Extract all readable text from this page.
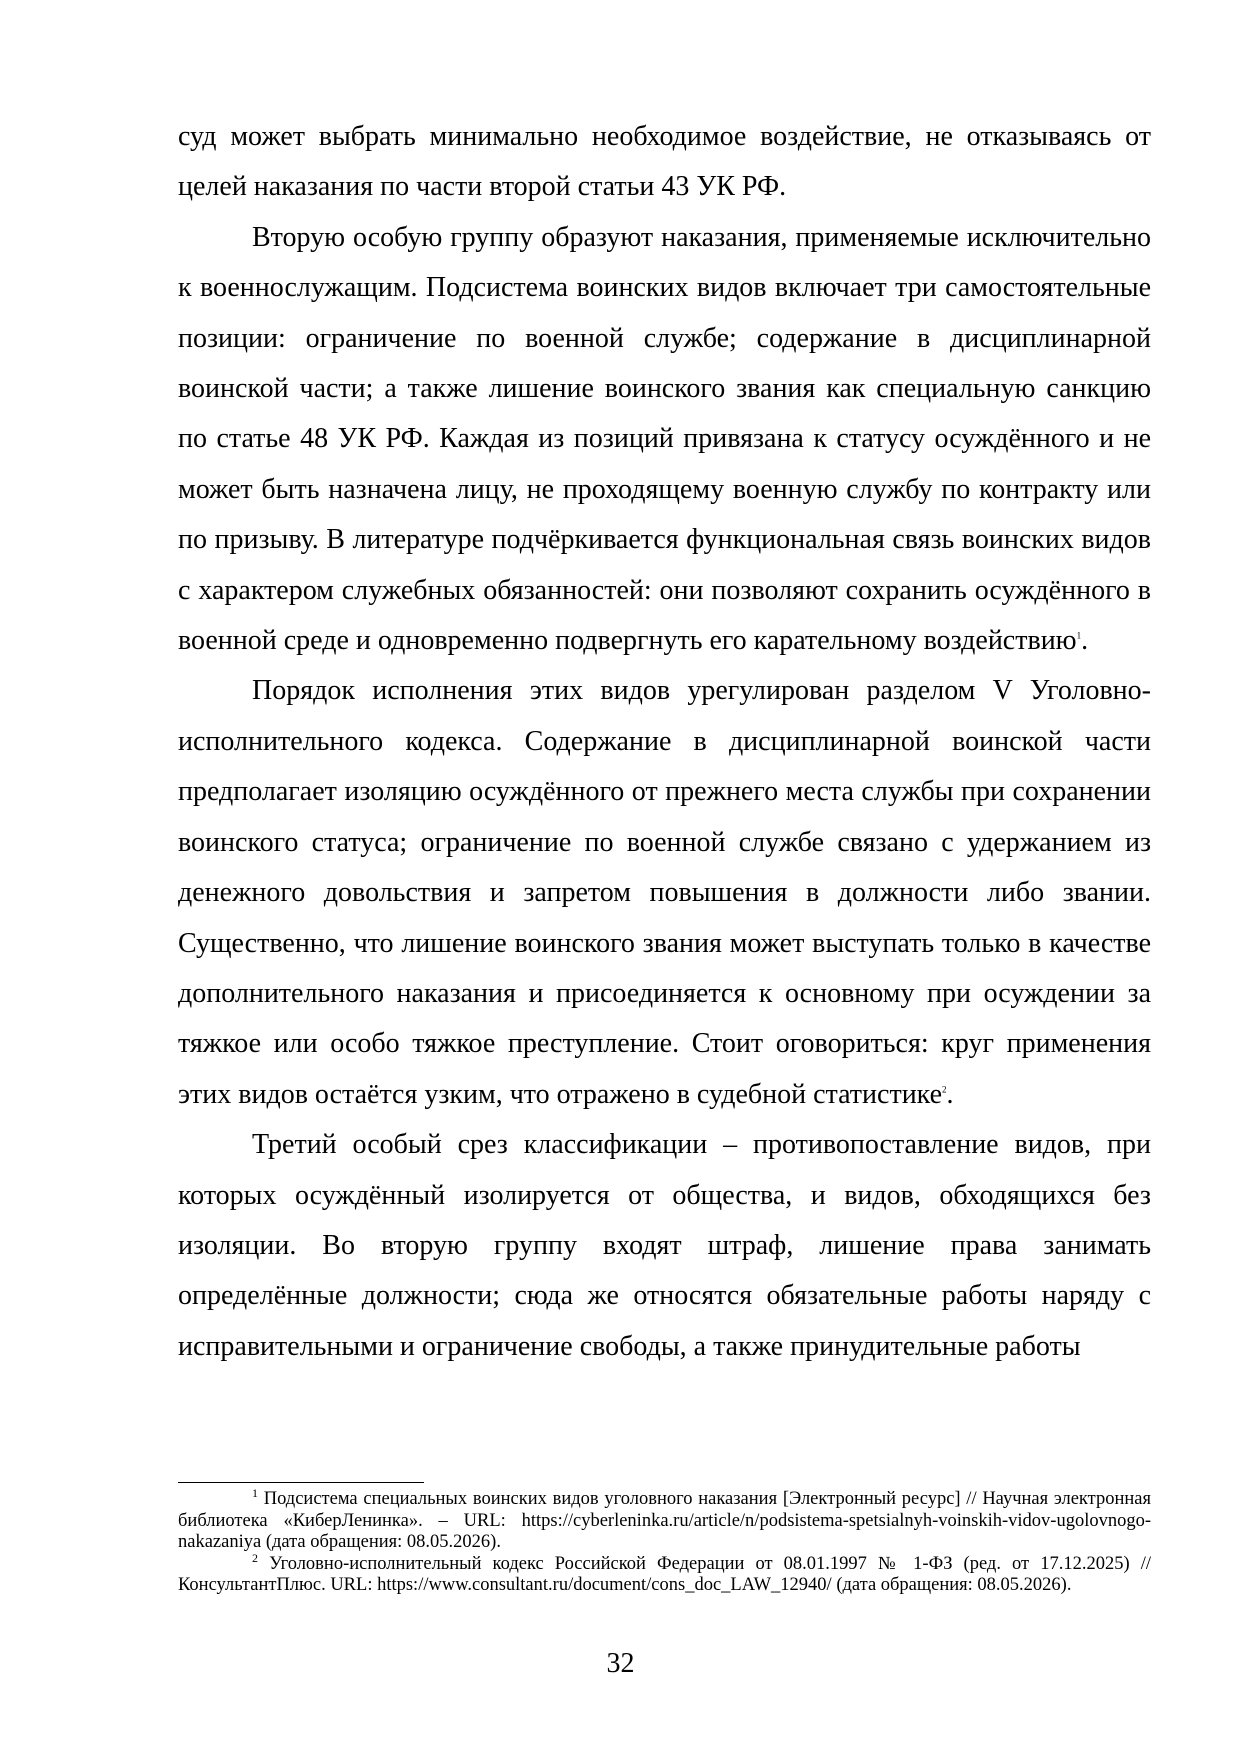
суд может выбрать минимально необходимое воздействие, не отказываясь от целей наказания по части второй статьи 43 УК РФ.

Вторую особую группу образуют наказания, применяемые исключительно к военнослужащим. Подсистема воинских видов включает три самостоятельные позиции: ограничение по военной службе; содержание в дисциплинарной воинской части; а также лишение воинского звания как специальную санкцию по статье 48 УК РФ. Каждая из позиций привязана к статусу осуждённого и не может быть назначена лицу, не проходящему военную службу по контракту или по призыву. В литературе подчёркивается функциональная связь воинских видов с характером служебных обязанностей: они позволяют сохранить осуждённого в военной среде и одновременно подвергнуть его карательному воздействию$^1$.

Порядок исполнения этих видов урегулирован разделом V Уголовно-исполнительного кодекса. Содержание в дисциплинарной воинской части предполагает изоляцию осуждённого от прежнего места службы при сохранении воинского статуса; ограничение по военной службе связано с удержанием из денежного довольствия и запретом повышения в должности либо звании. Существенно, что лишение воинского звания может выступать только в качестве дополнительного наказания и присоединяется к основному при осуждении за тяжкое или особо тяжкое преступление. Стоит оговориться: круг применения этих видов остаётся узким, что отражено в судебной статистике$^2$.

Третий особый срез классификации – противопоставление видов, при которых осуждённый изолируется от общества, и видов, обходящихся без изоляции. Во вторую группу входят штраф, лишение права занимать определённые должности; сюда же относятся обязательные работы наряду с исправительными и ограничение свободы, а также принудительные работы

$^1$ Подсистема специальных воинских видов уголовного наказания [Электронный ресурс] // Научная электронная библиотека «КиберЛенинка». – URL: https://cyberleninka.ru/article/n/podsistema-spetsialnyh-voinskih-vidov-ugolovnogo-nakazaniya (дата обращения: 08.05.2026).

$^2$ Уголовно-исполнительный кодекс Российской Федерации от 08.01.1997 № 1-ФЗ (ред. от 17.12.2025) // КонсультантПлюс. URL: https://www.consultant.ru/document/cons_doc_LAW_12940/ (дата обращения: 08.05.2026).

32
